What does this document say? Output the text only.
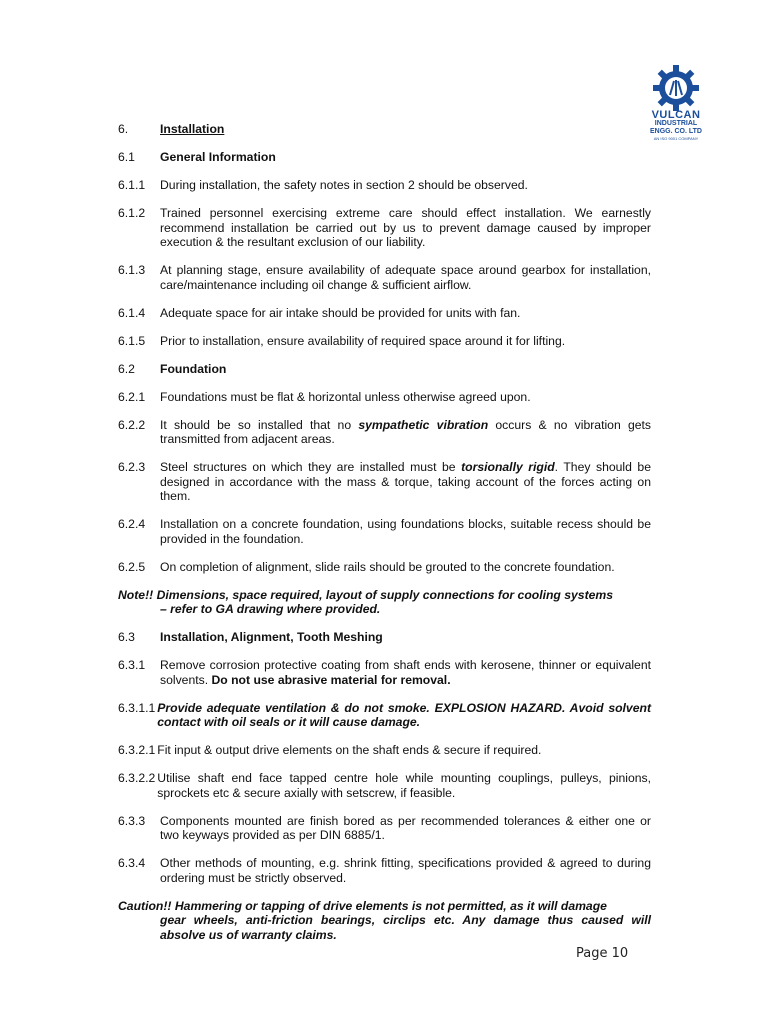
VULCAN
INDUSTRIAL
ENGG. CO. LTD
AN ISO 9001 COMPANY
6.	Installation
6.1	General Information
6.1.1	During installation, the safety notes in section 2 should be observed.
6.1.2	Trained personnel exercising extreme care should effect installation. We earnestly recommend installation be carried out by us to prevent damage caused by improper execution & the resultant exclusion of our liability.
6.1.3	At planning stage, ensure availability of adequate space around gearbox for installation, care/maintenance including oil change & sufficient airflow.
6.1.4	Adequate space for air intake should be provided for units with fan.
6.1.5	Prior to installation, ensure availability of required space around it for lifting.
6.2	Foundation
6.2.1	Foundations must be flat & horizontal unless otherwise agreed upon.
6.2.2	It should be so installed that no sympathetic vibration occurs & no vibration gets transmitted from adjacent areas.
6.2.3	Steel structures on which they are installed must be torsionally rigid. They should be designed in accordance with the mass & torque, taking account of the forces acting on them.
6.2.4	Installation on a concrete foundation, using foundations blocks, suitable recess should be provided in the foundation.
6.2.5	On completion of alignment, slide rails should be grouted to the concrete foundation.
Note!! Dimensions, space required, layout of supply connections for cooling systems
– refer to GA drawing where provided.
6.3	Installation, Alignment, Tooth Meshing
6.3.1	Remove corrosion protective coating from shaft ends with kerosene, thinner or equivalent solvents. Do not use abrasive material for removal.
6.3.1.1 Provide adequate ventilation & do not smoke. EXPLOSION HAZARD. Avoid solvent contact with oil seals or it will cause damage.
6.3.2.1 Fit input & output drive elements on the shaft ends & secure if required.
6.3.2.2 Utilise shaft end face tapped centre hole while mounting couplings, pulleys, pinions, sprockets etc & secure axially with setscrew, if feasible.
6.3.3	Components mounted are finish bored as per recommended tolerances & either one or two keyways provided as per DIN 6885/1.
6.3.4	Other methods of mounting, e.g. shrink fitting, specifications provided & agreed to during ordering must be strictly observed.
Caution!! Hammering or tapping of drive elements is not permitted, as it will damage
gear wheels, anti-friction bearings, circlips etc. Any damage thus caused will absolve us of warranty claims.
Page 10
